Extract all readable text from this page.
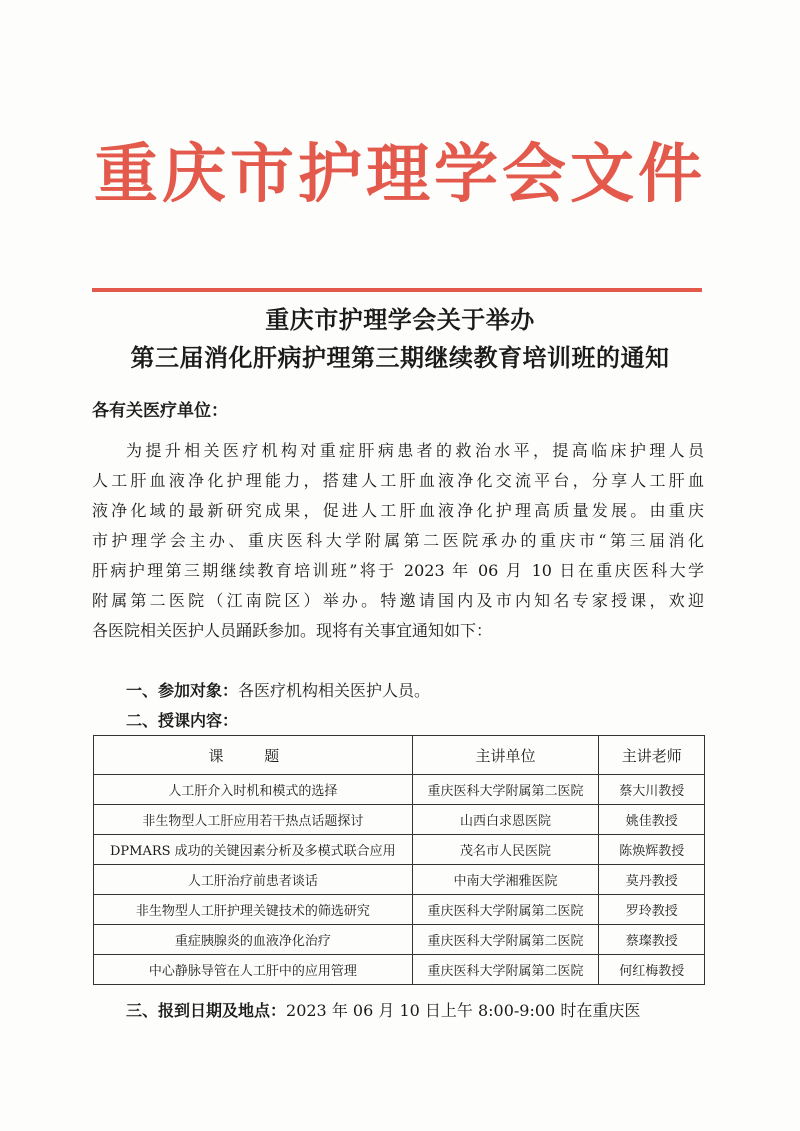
重庆市护理学会文件
重庆市护理学会关于举办
第三届消化肝病护理第三期继续教育培训班的通知
各有关医疗单位：
为提升相关医疗机构对重症肝病患者的救治水平，提高临床护理人员
人工肝血液净化护理能力，搭建人工肝血液净化交流平台，分享人工肝血
液净化域的最新研究成果，促进人工肝血液净化护理高质量发展。由重庆
市护理学会主办、重庆医科大学附属第二医院承办的重庆市“第三届消化
肝病护理第三期继续教育培训班”将于 2023 年 06 月 10 日在重庆医科大学
附属第二医院（江南院区）举办。特邀请国内及市内知名专家授课，欢迎
各医院相关医护人员踊跃参加。现将有关事宜通知如下：
一、参加对象：各医疗机构相关医护人员。
二、授课内容：
课 题	主讲单位	主讲老师
人工肝介入时机和模式的选择	重庆医科大学附属第二医院	蔡大川教授
非生物型人工肝应用若干热点话题探讨	山西白求恩医院	姚佳教授
DPMARS 成功的关键因素分析及多模式联合应用	茂名市人民医院	陈焕辉教授
人工肝治疗前患者谈话	中南大学湘雅医院	莫丹教授
非生物型人工肝护理关键技术的筛选研究	重庆医科大学附属第二医院	罗玲教授
重症胰腺炎的血液净化治疗	重庆医科大学附属第二医院	蔡璨教授
中心静脉导管在人工肝中的应用管理	重庆医科大学附属第二医院	何红梅教授
三、报到日期及地点：2023 年 06 月 10 日上午 8:00-9:00 时在重庆医
